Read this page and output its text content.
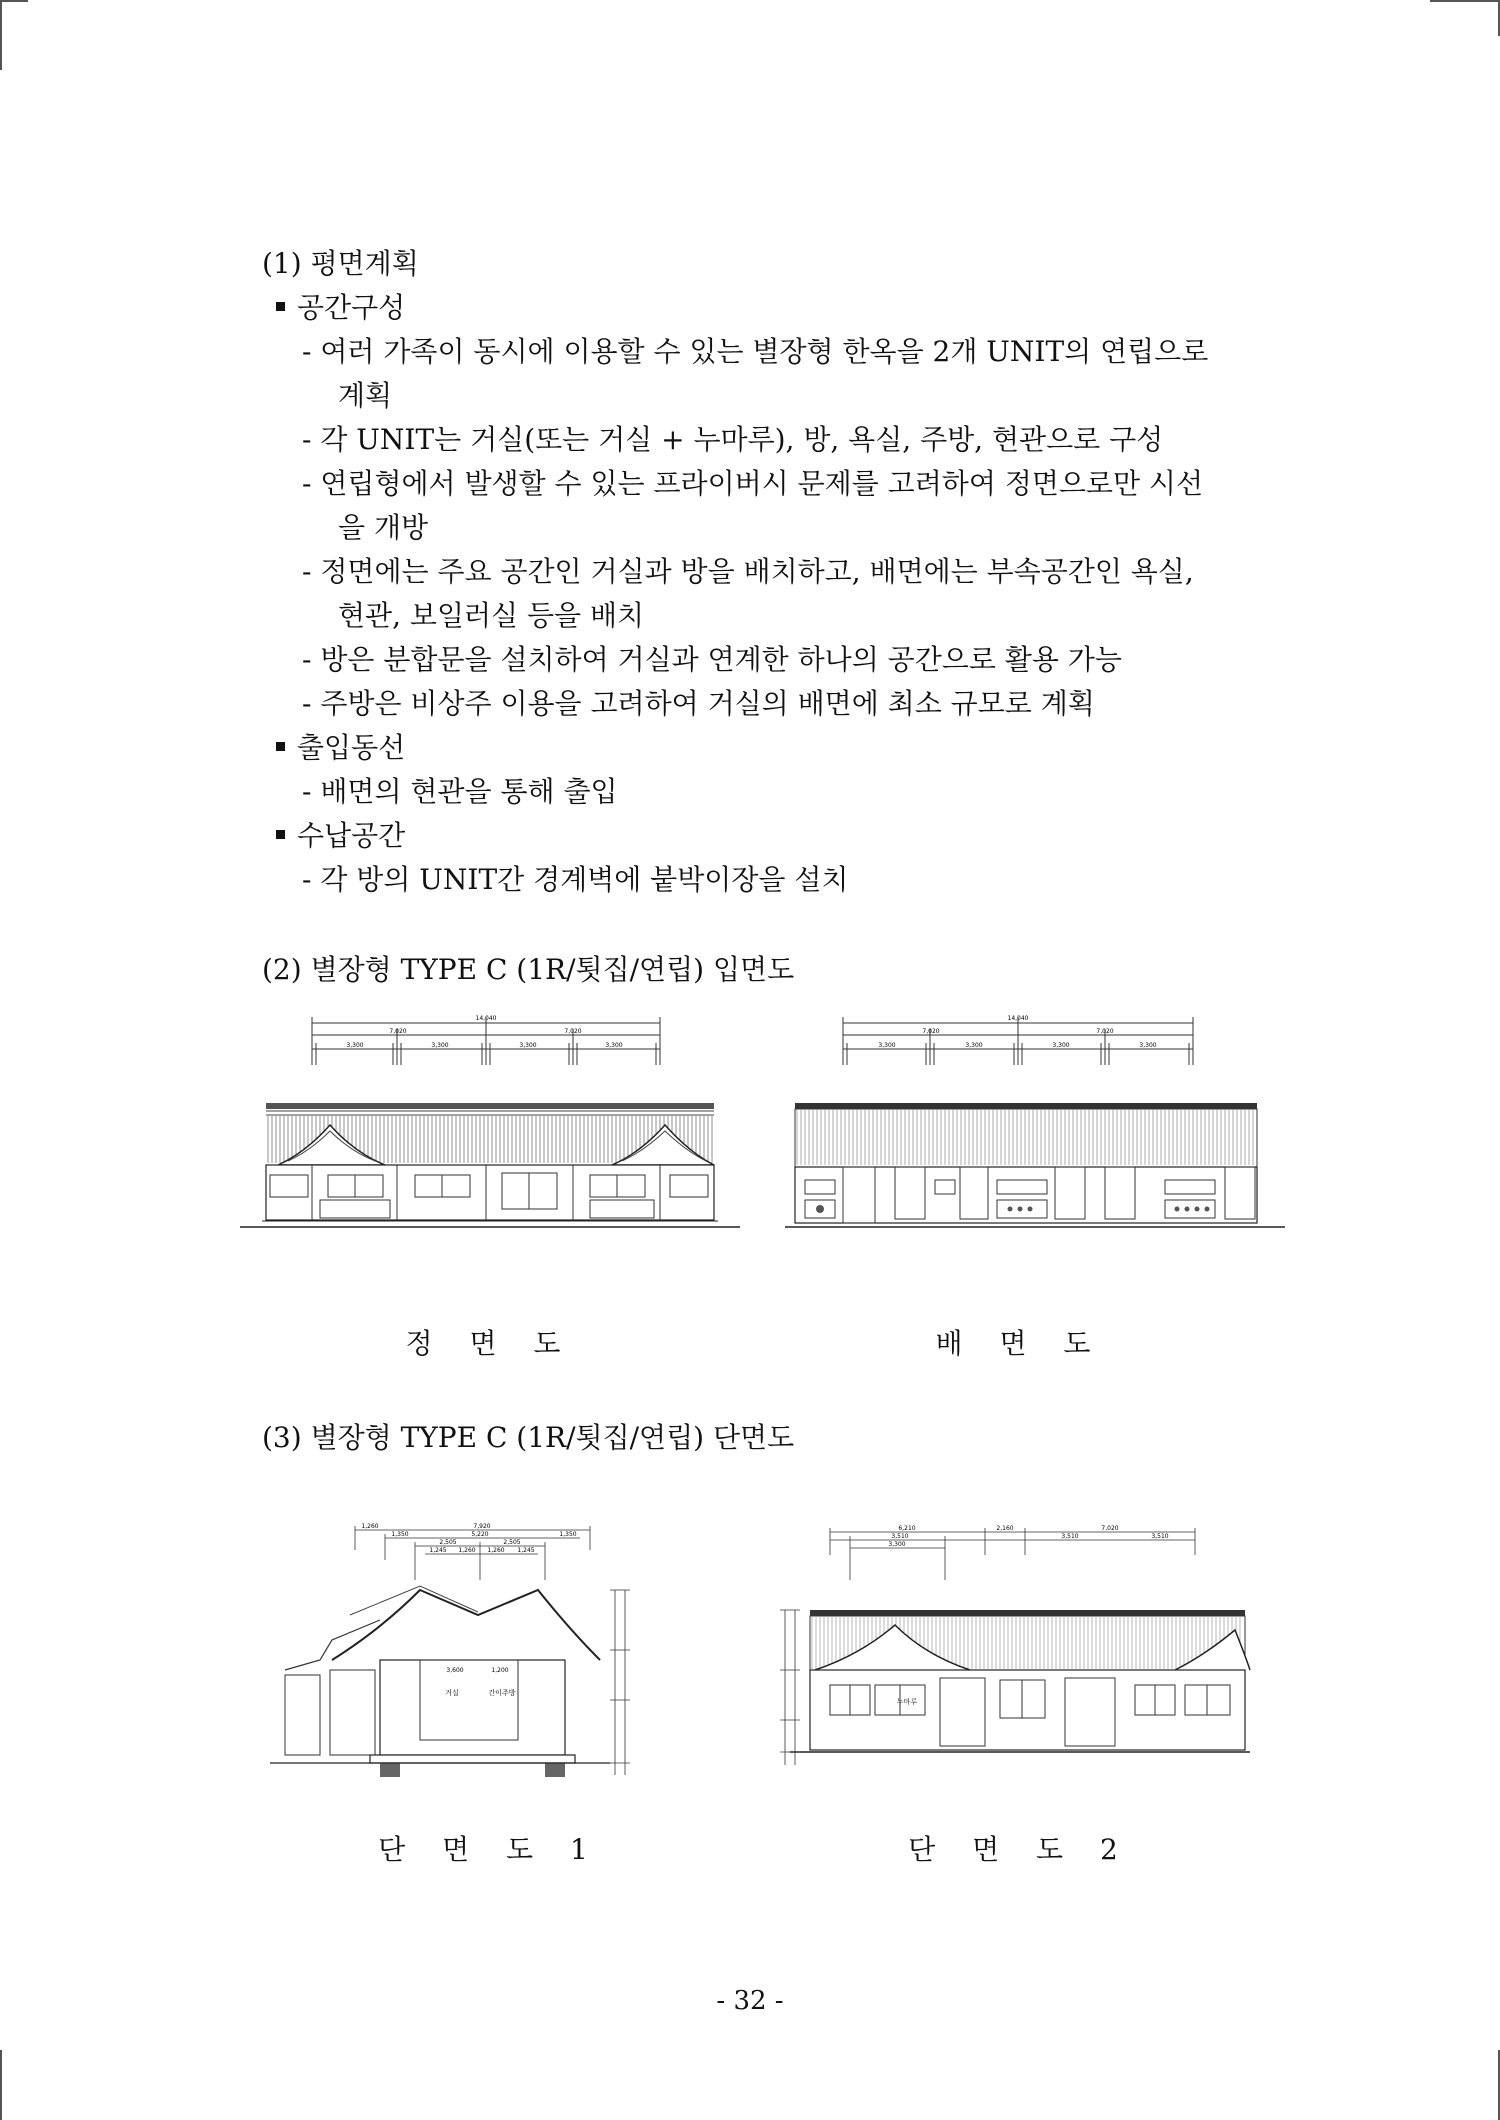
(1) 평면계획
공간구성
- 여러 가족이 동시에 이용할 수 있는 별장형 한옥을 2개 UNIT의 연립으로
계획
- 각 UNIT는 거실(또는 거실 + 누마루), 방, 욕실, 주방, 현관으로 구성
- 연립형에서 발생할 수 있는 프라이버시 문제를 고려하여 정면으로만 시선
을 개방
- 정면에는 주요 공간인 거실과 방을 배치하고, 배면에는 부속공간인 욕실,
현관, 보일러실 등을 배치
- 방은 분합문을 설치하여 거실과 연계한 하나의 공간으로 활용 가능
- 주방은 비상주 이용을 고려하여 거실의 배면에 최소 규모로 계획
출입동선
- 배면의 현관을 통해 출입
수납공간
- 각 방의 UNIT간 경계벽에 붙박이장을 설치
(2) 별장형 TYPE C (1R/툇집/연립) 입면도
14,040
7,020	7,020
3,300	3,300	3,300	3,300
14,040
7,020	7,020
3,300	3,300	3,300	3,300
정 면 도	배 면 도
(3) 별장형 TYPE C (1R/툇집/연립) 단면도
1,260	7,920
1,350	5,220	1,350
2,505	2,505
1,245 1,260 1,260 1,245
3,600	1,200
거실	간이주방
6,210	2,160	7,020
3,510	3,510	3,510
3,300
누마루
단 면 도 1	단 면 도 2
- 32 -
